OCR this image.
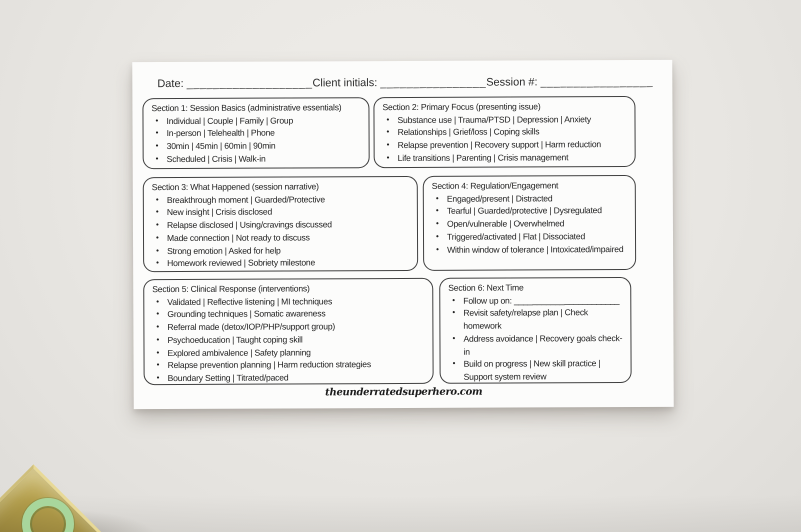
Date: ___________________ Client initials: ________________ Session #: _________________
Section 1: Session Basics (administrative essentials)
• Individual | Couple | Family | Group
• In-person | Telehealth | Phone
• 30min | 45min | 60min | 90min
• Scheduled | Crisis | Walk-in
Section 2: Primary Focus (presenting issue)
• Substance use | Trauma/PTSD | Depression | Anxiety
• Relationships | Grief/loss | Coping skills
• Relapse prevention | Recovery support | Harm reduction
• Life transitions | Parenting | Crisis management
Section 3: What Happened (session narrative)
• Breakthrough moment | Guarded/Protective
• New insight | Crisis disclosed
• Relapse disclosed | Using/cravings discussed
• Made connection | Not ready to discuss
• Strong emotion | Asked for help
• Homework reviewed | Sobriety milestone
Section 4: Regulation/Engagement
• Engaged/present | Distracted
• Tearful | Guarded/protective | Dysregulated
• Open/vulnerable | Overwhelmed
• Triggered/activated | Flat | Dissociated
• Within window of tolerance | Intoxicated/impaired
Section 5: Clinical Response (interventions)
• Validated | Reflective listening | MI techniques
• Grounding techniques | Somatic awareness
• Referral made (detox/IOP/PHP/support group)
• Psychoeducation | Taught coping skill
• Explored ambivalence | Safety planning
• Relapse prevention planning | Harm reduction strategies
• Boundary Setting | Titrated/paced
Section 6: Next Time
• Follow up on: _______________________
• Revisit safety/relapse plan | Check homework
• Address avoidance | Recovery goals check-in
• Build on progress | New skill practice | Support system review
theunderratedsuperhero.com
